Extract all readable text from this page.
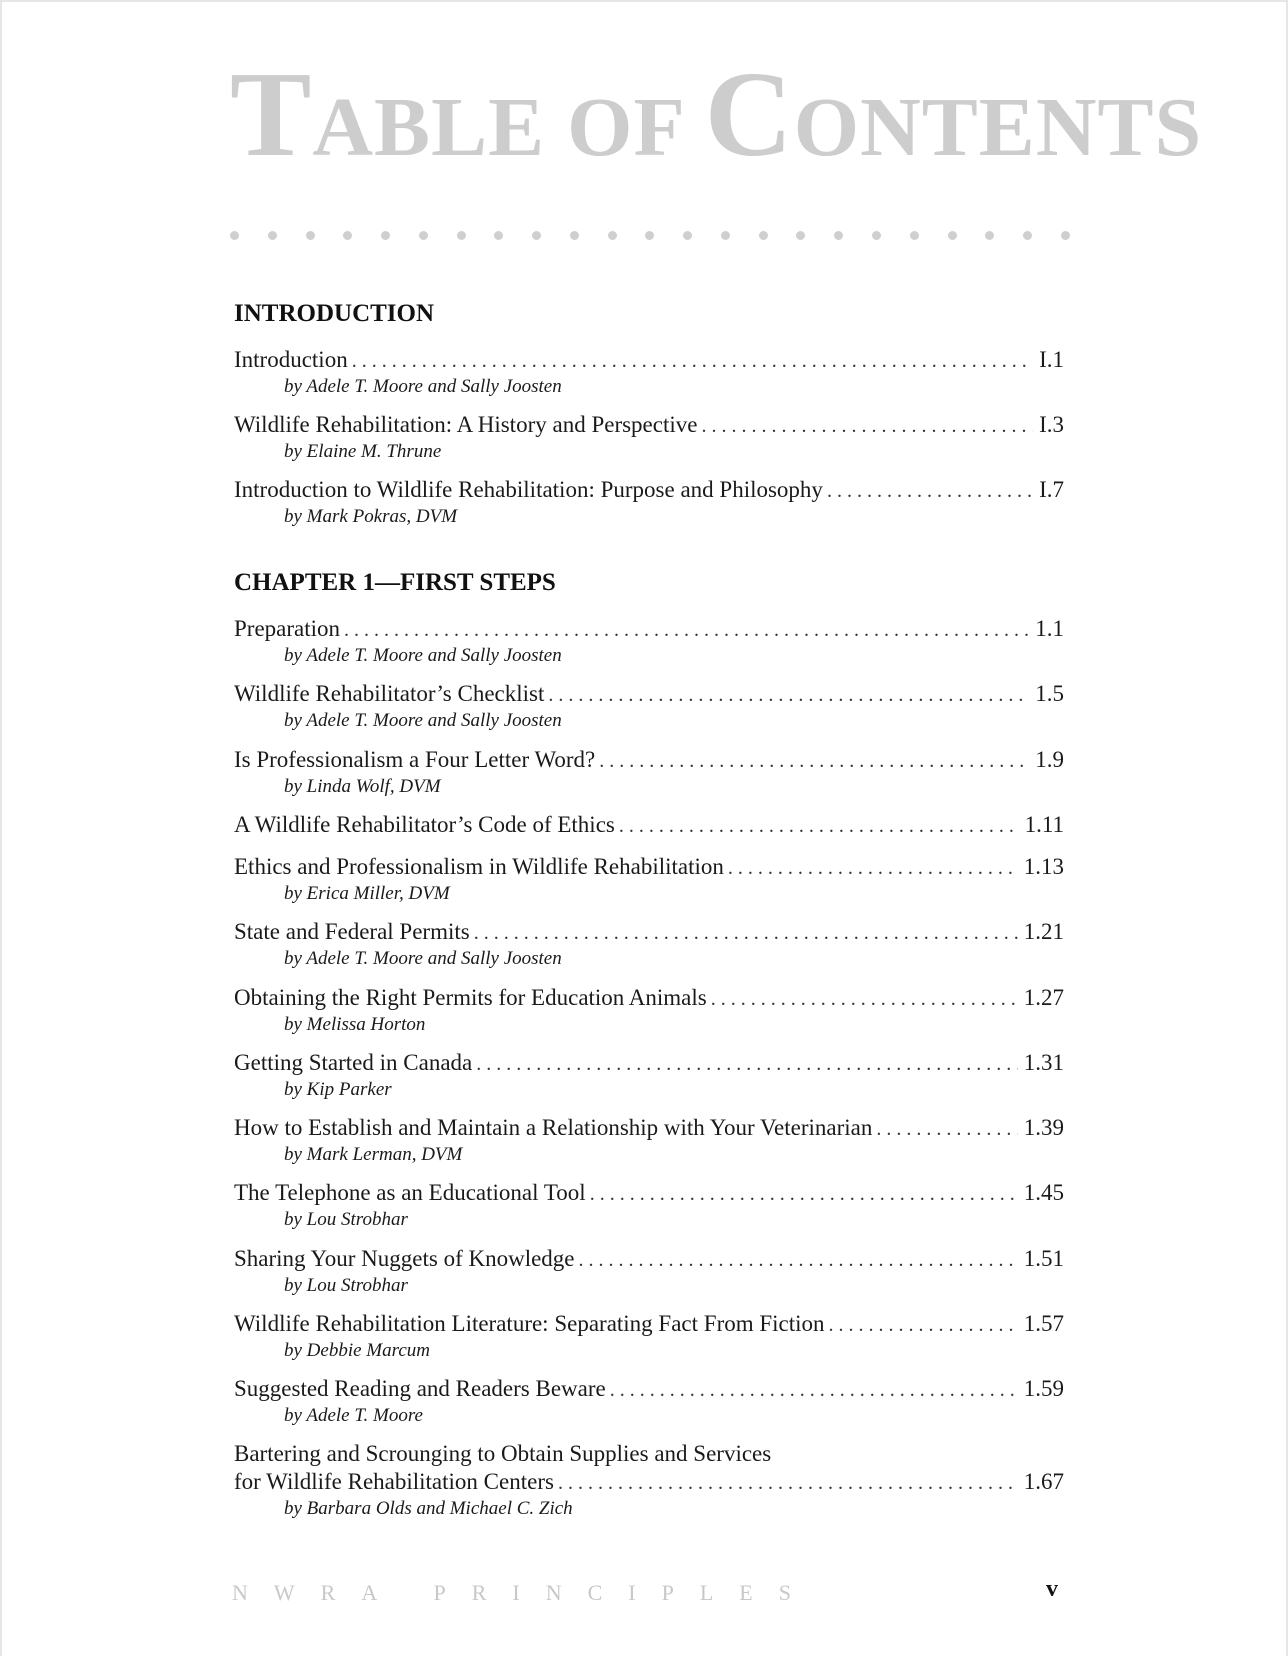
TABLE OF CONTENTS
INTRODUCTION
Introduction . . .	I.1
by Adele T. Moore and Sally Joosten
Wildlife Rehabilitation: A History and Perspective . . .	I.3
by Elaine M. Thrune
Introduction to Wildlife Rehabilitation: Purpose and Philosophy . . .	I.7
by Mark Pokras, DVM
CHAPTER 1—FIRST STEPS
Preparation . . .	1.1
by Adele T. Moore and Sally Joosten
Wildlife Rehabilitator’s Checklist . . .	1.5
by Adele T. Moore and Sally Joosten
Is Professionalism a Four Letter Word? . . .	1.9
by Linda Wolf, DVM
A Wildlife Rehabilitator’s Code of Ethics . . .	1.11
Ethics and Professionalism in Wildlife Rehabilitation . . .	1.13
by Erica Miller, DVM
State and Federal Permits . . .	1.21
by Adele T. Moore and Sally Joosten
Obtaining the Right Permits for Education Animals . . .	1.27
by Melissa Horton
Getting Started in Canada . . .	1.31
by Kip Parker
How to Establish and Maintain a Relationship with Your Veterinarian . . .	1.39
by Mark Lerman, DVM
The Telephone as an Educational Tool . . .	1.45
by Lou Strobhar
Sharing Your Nuggets of Knowledge . . .	1.51
by Lou Strobhar
Wildlife Rehabilitation Literature: Separating Fact From Fiction . . .	1.57
by Debbie Marcum
Suggested Reading and Readers Beware . . .	1.59
by Adele T. Moore
Bartering and Scrounging to Obtain Supplies and Services
for Wildlife Rehabilitation Centers . . .	1.67
by Barbara Olds and Michael C. Zich
NWRA PRINCIPLES	v
